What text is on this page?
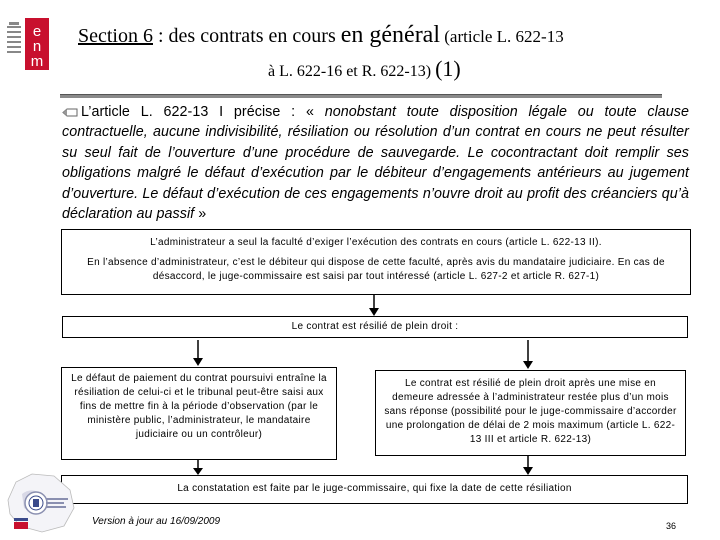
e
n
m
Section 6 : des contrats en cours en général (article L. 622-13
à L. 622-16 et R. 622-13) (1)
L’article L. 622-13 I précise : « nonobstant toute disposition légale ou toute clause contractuelle, aucune indivisibilité, résiliation ou résolution d’un contrat en cours ne peut résulter su seul fait de l’ouverture d’une procédure de sauvegarde. Le cocontractant doit remplir ses obligations malgré le défaut d’exécution par le débiteur d’engagements antérieurs au jugement d’ouverture. Le défaut d’exécution de ces engagements n’ouvre droit au profit des créanciers qu’à déclaration au passif »
L’administrateur a seul la faculté d’exiger l’exécution des contrats en cours (article L. 622-13 II).
En l’absence d’administrateur, c’est le débiteur qui dispose de cette faculté, après avis du mandataire judiciaire. En cas de désaccord, le juge-commissaire est saisi par tout intéressé (article L. 627-2 et article R. 627-1)
Le contrat est résilié de plein droit :
Le défaut de paiement du contrat poursuivi entraîne la résiliation de celui-ci et le tribunal peut-être saisi aux fins de mettre fin à la période d’observation (par le ministère public, l’administrateur, le mandataire judiciaire ou un contrôleur)
Le contrat est résilié de plein droit après une mise en demeure adressée à l’administrateur restée plus d’un mois sans réponse (possibilité pour le juge-commissaire d’accorder une prolongation de délai de 2 mois maximum (article L. 622-13 III et article R. 622-13)
La constatation est faite par le juge-commissaire, qui fixe la date de cette résiliation
Version à jour au 16/09/2009	36
